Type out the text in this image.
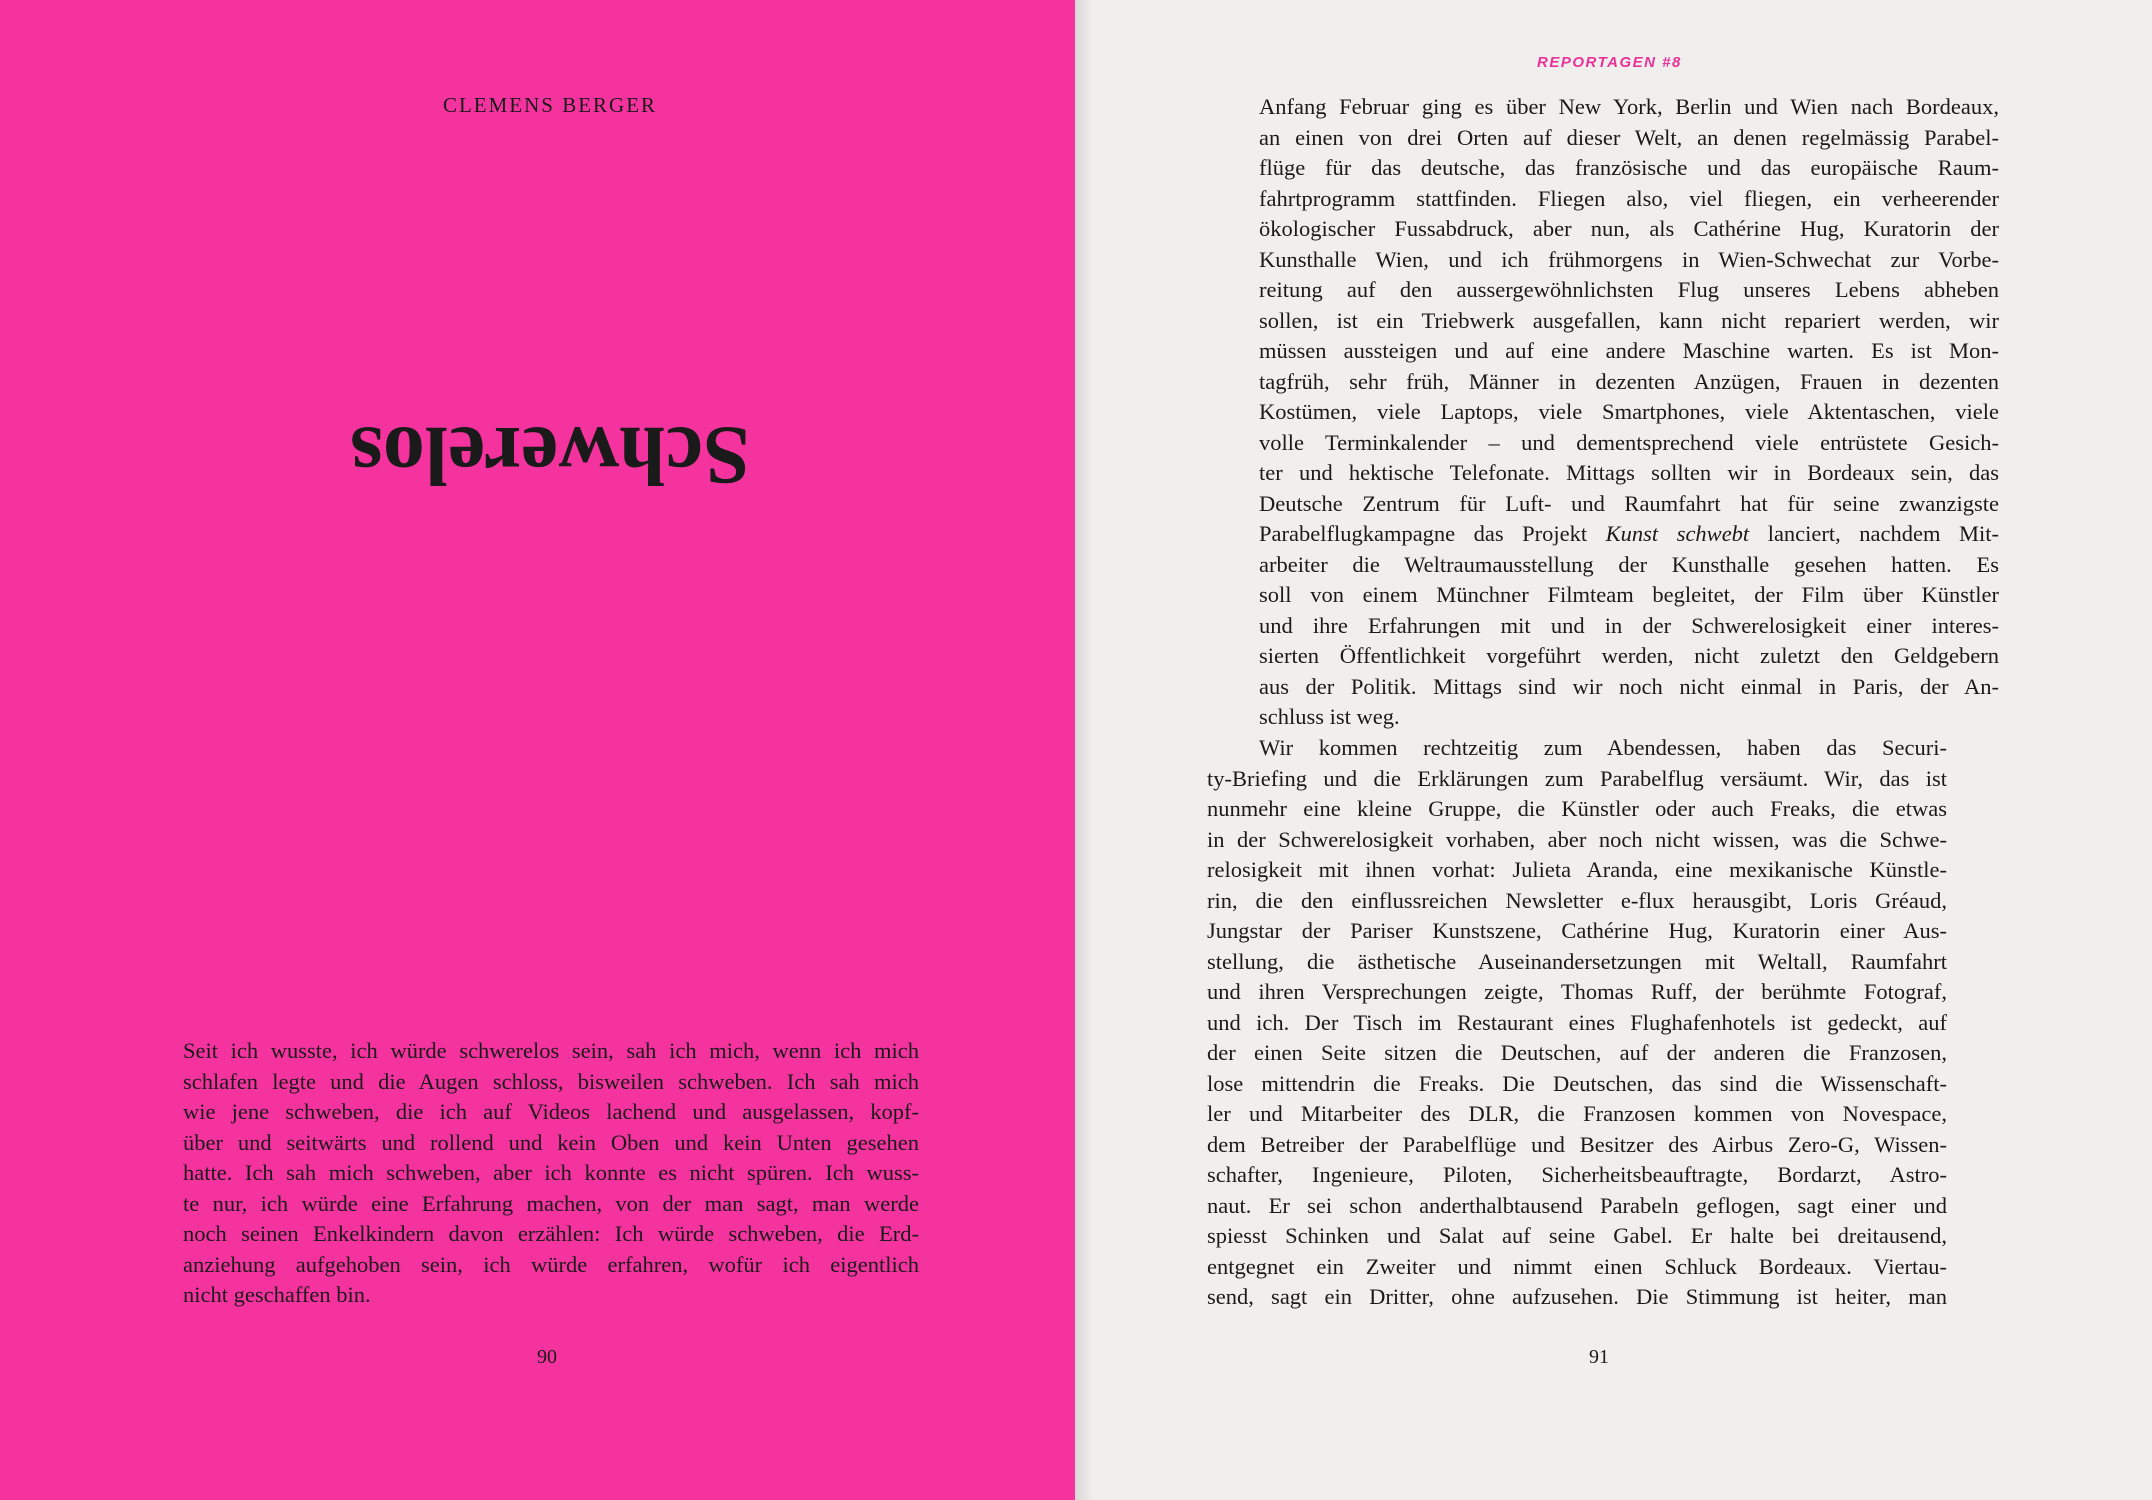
CLEMENS BERGER
Schwerelos
Seit ich wusste, ich würde schwerelos sein, sah ich mich, wenn ich mich
schlafen legte und die Augen schloss, bisweilen schweben. Ich sah mich
wie jene schweben, die ich auf Videos lachend und ausgelassen, kopf-
über und seitwärts und rollend und kein Oben und kein Unten gesehen
hatte. Ich sah mich schweben, aber ich konnte es nicht spüren. Ich wuss-
te nur, ich würde eine Erfahrung machen, von der man sagt, man werde
noch seinen Enkelkindern davon erzählen: Ich würde schweben, die Erd-
anziehung aufgehoben sein, ich würde erfahren, wofür ich eigentlich
nicht geschaffen bin.
90
REPORTAGEN #8
Anfang Februar ging es über New York, Berlin und Wien nach Bordeaux,
an einen von drei Orten auf dieser Welt, an denen regelmässig Parabel-
flüge für das deutsche, das französische und das europäische Raum-
fahrtprogramm stattfinden. Fliegen also, viel fliegen, ein verheerender
ökologischer Fussabdruck, aber nun, als Cathérine Hug, Kuratorin der
Kunsthalle Wien, und ich frühmorgens in Wien-Schwechat zur Vorbe-
reitung auf den aussergewöhnlichsten Flug unseres Lebens abheben
sollen, ist ein Triebwerk ausgefallen, kann nicht repariert werden, wir
müssen aussteigen und auf eine andere Maschine warten. Es ist Mon-
tagfrüh, sehr früh, Männer in dezenten Anzügen, Frauen in dezenten
Kostümen, viele Laptops, viele Smartphones, viele Aktentaschen, viele
volle Terminkalender – und dementsprechend viele entrüstete Gesich-
ter und hektische Telefonate. Mittags sollten wir in Bordeaux sein, das
Deutsche Zentrum für Luft- und Raumfahrt hat für seine zwanzigste
Parabelflugkampagne das Projekt Kunst schwebt lanciert, nachdem Mit-
arbeiter die Weltraumausstellung der Kunsthalle gesehen hatten. Es
soll von einem Münchner Filmteam begleitet, der Film über Künstler
und ihre Erfahrungen mit und in der Schwerelosigkeit einer interes-
sierten Öffentlichkeit vorgeführt werden, nicht zuletzt den Geldgebern
aus der Politik. Mittags sind wir noch nicht einmal in Paris, der An-
schluss ist weg.
Wir kommen rechtzeitig zum Abendessen, haben das Securi-
ty-Briefing und die Erklärungen zum Parabelflug versäumt. Wir, das ist
nunmehr eine kleine Gruppe, die Künstler oder auch Freaks, die etwas
in der Schwerelosigkeit vorhaben, aber noch nicht wissen, was die Schwe-
relosigkeit mit ihnen vorhat: Julieta Aranda, eine mexikanische Künstle-
rin, die den einflussreichen Newsletter e-flux herausgibt, Loris Gréaud,
Jungstar der Pariser Kunstszene, Cathérine Hug, Kuratorin einer Aus-
stellung, die ästhetische Auseinandersetzungen mit Weltall, Raumfahrt
und ihren Versprechungen zeigte, Thomas Ruff, der berühmte Fotograf,
und ich. Der Tisch im Restaurant eines Flughafenhotels ist gedeckt, auf
der einen Seite sitzen die Deutschen, auf der anderen die Franzosen,
lose mittendrin die Freaks. Die Deutschen, das sind die Wissenschaft-
ler und Mitarbeiter des DLR, die Franzosen kommen von Novespace,
dem Betreiber der Parabelflüge und Besitzer des Airbus Zero-G, Wissen-
schafter, Ingenieure, Piloten, Sicherheitsbeauftragte, Bordarzt, Astro-
naut. Er sei schon anderthalbtausend Parabeln geflogen, sagt einer und
spiesst Schinken und Salat auf seine Gabel. Er halte bei dreitausend,
entgegnet ein Zweiter und nimmt einen Schluck Bordeaux. Viertau-
send, sagt ein Dritter, ohne aufzusehen. Die Stimmung ist heiter, man
91
